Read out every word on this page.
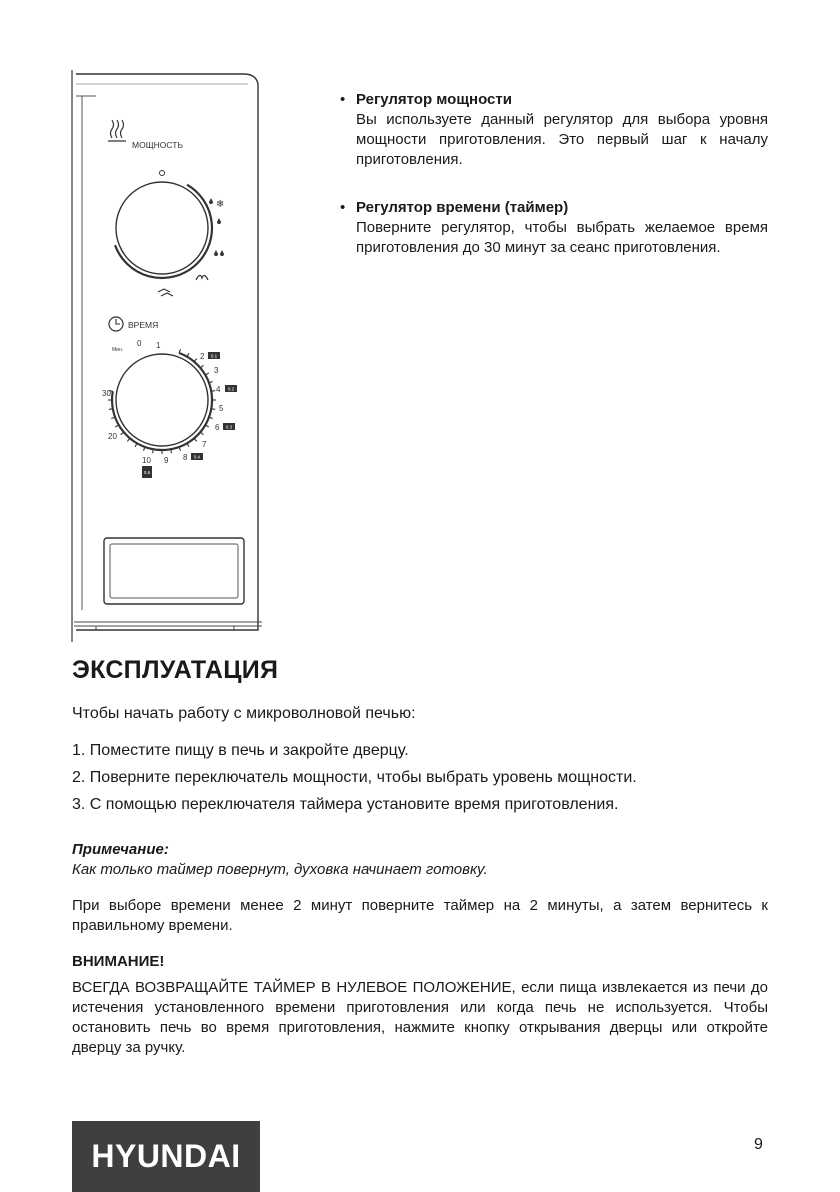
МОЩНОСТЬ
❄
ВРЕМЯ
Мин.
0 1
2
3
4
5
6
7
8
9
10
20
30
0.1
0.2
0.3
0.4
0.5
• Регулятор мощности

Вы используете данный регулятор для выбора уровня мощности приготовления. Это первый шаг к началу приготовления.

• Регулятор времени (таймер)

Поверните регулятор, чтобы выбрать желаемое время приготовления до 30 минут за сеанс приготовления.

ЭКСПЛУАТАЦИЯ

Чтобы начать работу с микроволновой печью:

1. Поместите пищу в печь и закройте дверцу.
2. Поверните переключатель мощности, чтобы выбрать уровень мощности.
3. С помощью переключателя таймера установите время приготовления.

Примечание:

Как только таймер повернут, духовка начинает готовку.

При выборе времени менее 2 минут поверните таймер на 2 минуты, а затем вернитесь к правильному времени.

ВНИМАНИЕ!

ВСЕГДА ВОЗВРАЩАЙТЕ ТАЙМЕР В НУЛЕВОЕ ПОЛОЖЕНИЕ, если пища извлекается из печи до истечения установленного времени приготовления или когда печь не используется. Чтобы остановить печь во время приготовления, нажмите кнопку открывания дверцы или откройте дверцу за ручку.

HYUNDAI	9
